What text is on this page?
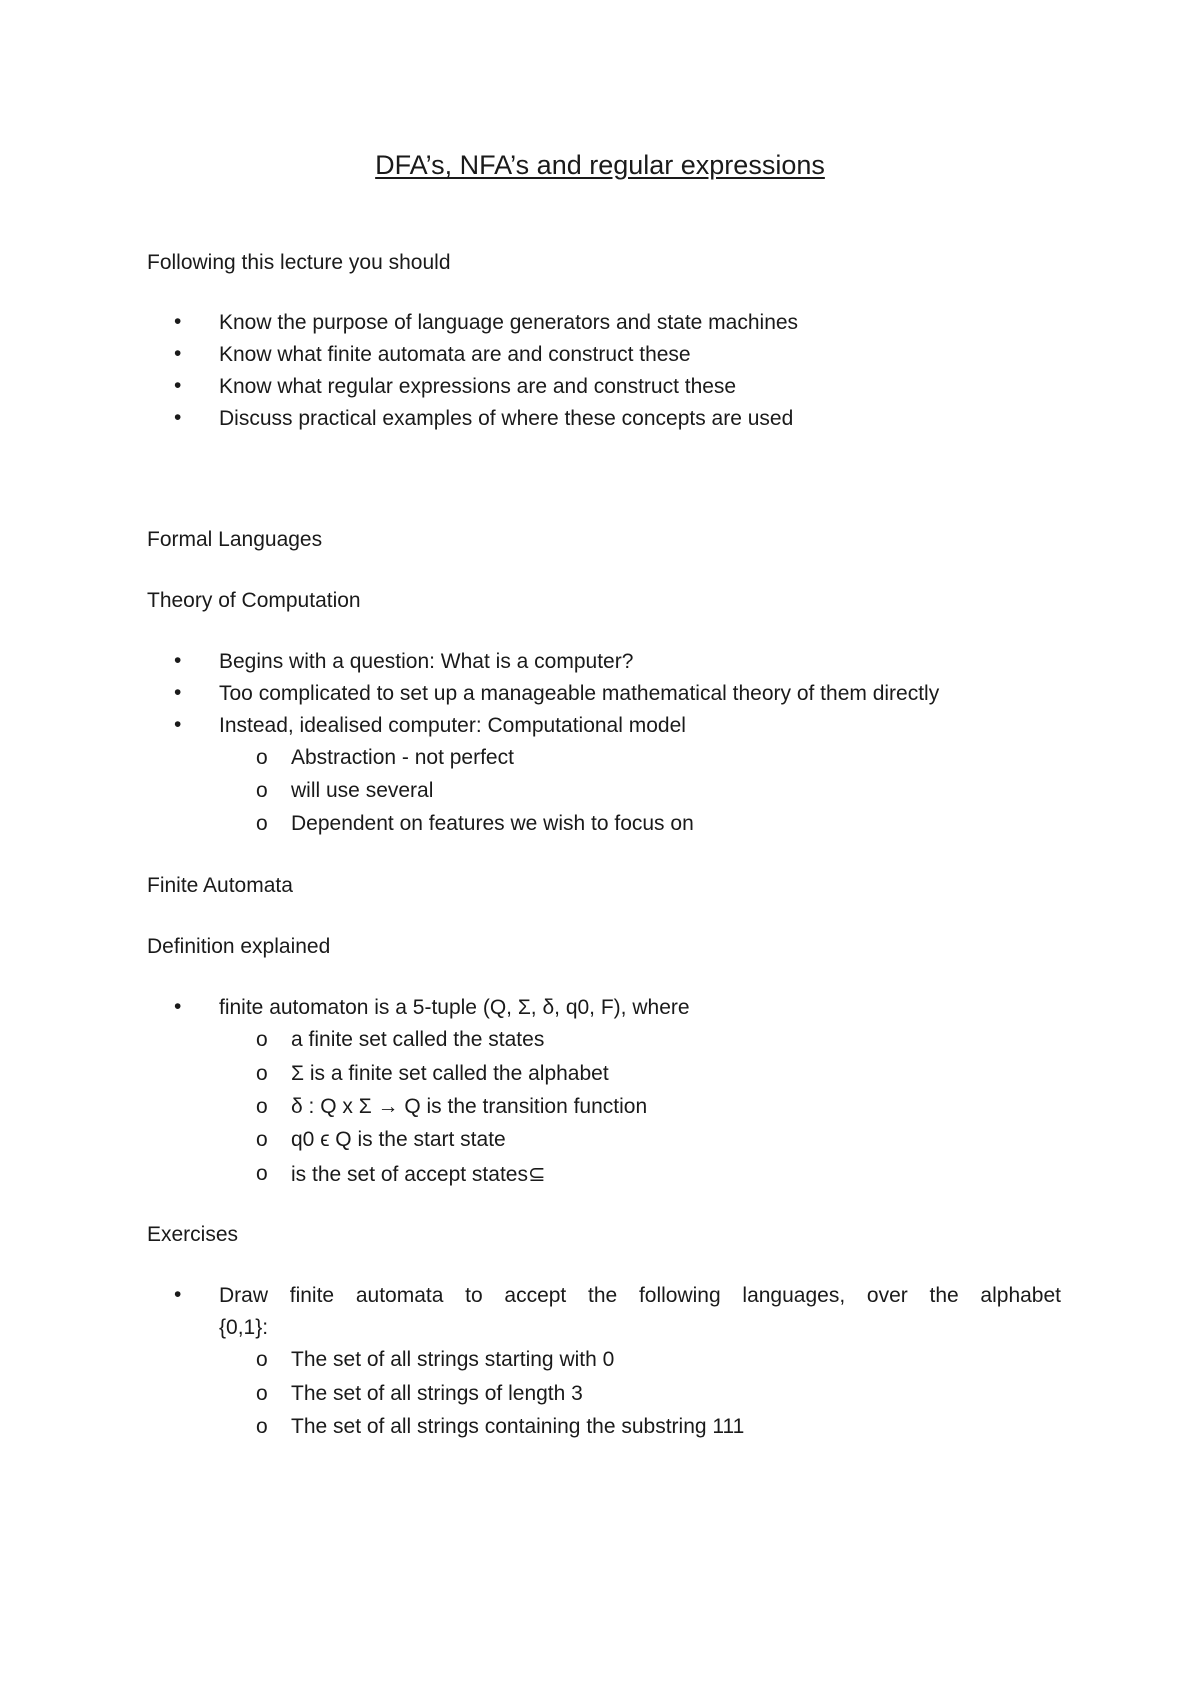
DFA’s, NFA’s and regular expressions
Following this lecture you should
Know the purpose of language generators and state machines
Know what finite automata are and construct these
Know what regular expressions are and construct these
Discuss practical examples of where these concepts are used
Formal Languages
Theory of Computation
Begins with a question: What is a computer?
Too complicated to set up a manageable mathematical theory of them directly
Instead, idealised computer: Computational model
o Abstraction - not perfect
o will use several
o Dependent on features we wish to focus on
Finite Automata
Definition explained
finite automaton is a 5-tuple (Q, Σ, δ, q0, F), where
o a finite set called the states
o Σ is a finite set called the alphabet
o δ : Q x Σ → Q is the transition function
o q0 ϵ Q is the start state
o is the set of accept states⊆
Exercises
Draw finite automata to accept the following languages, over the alphabet
{0,1}:
o The set of all strings starting with 0
o The set of all strings of length 3
o The set of all strings containing the substring 111
